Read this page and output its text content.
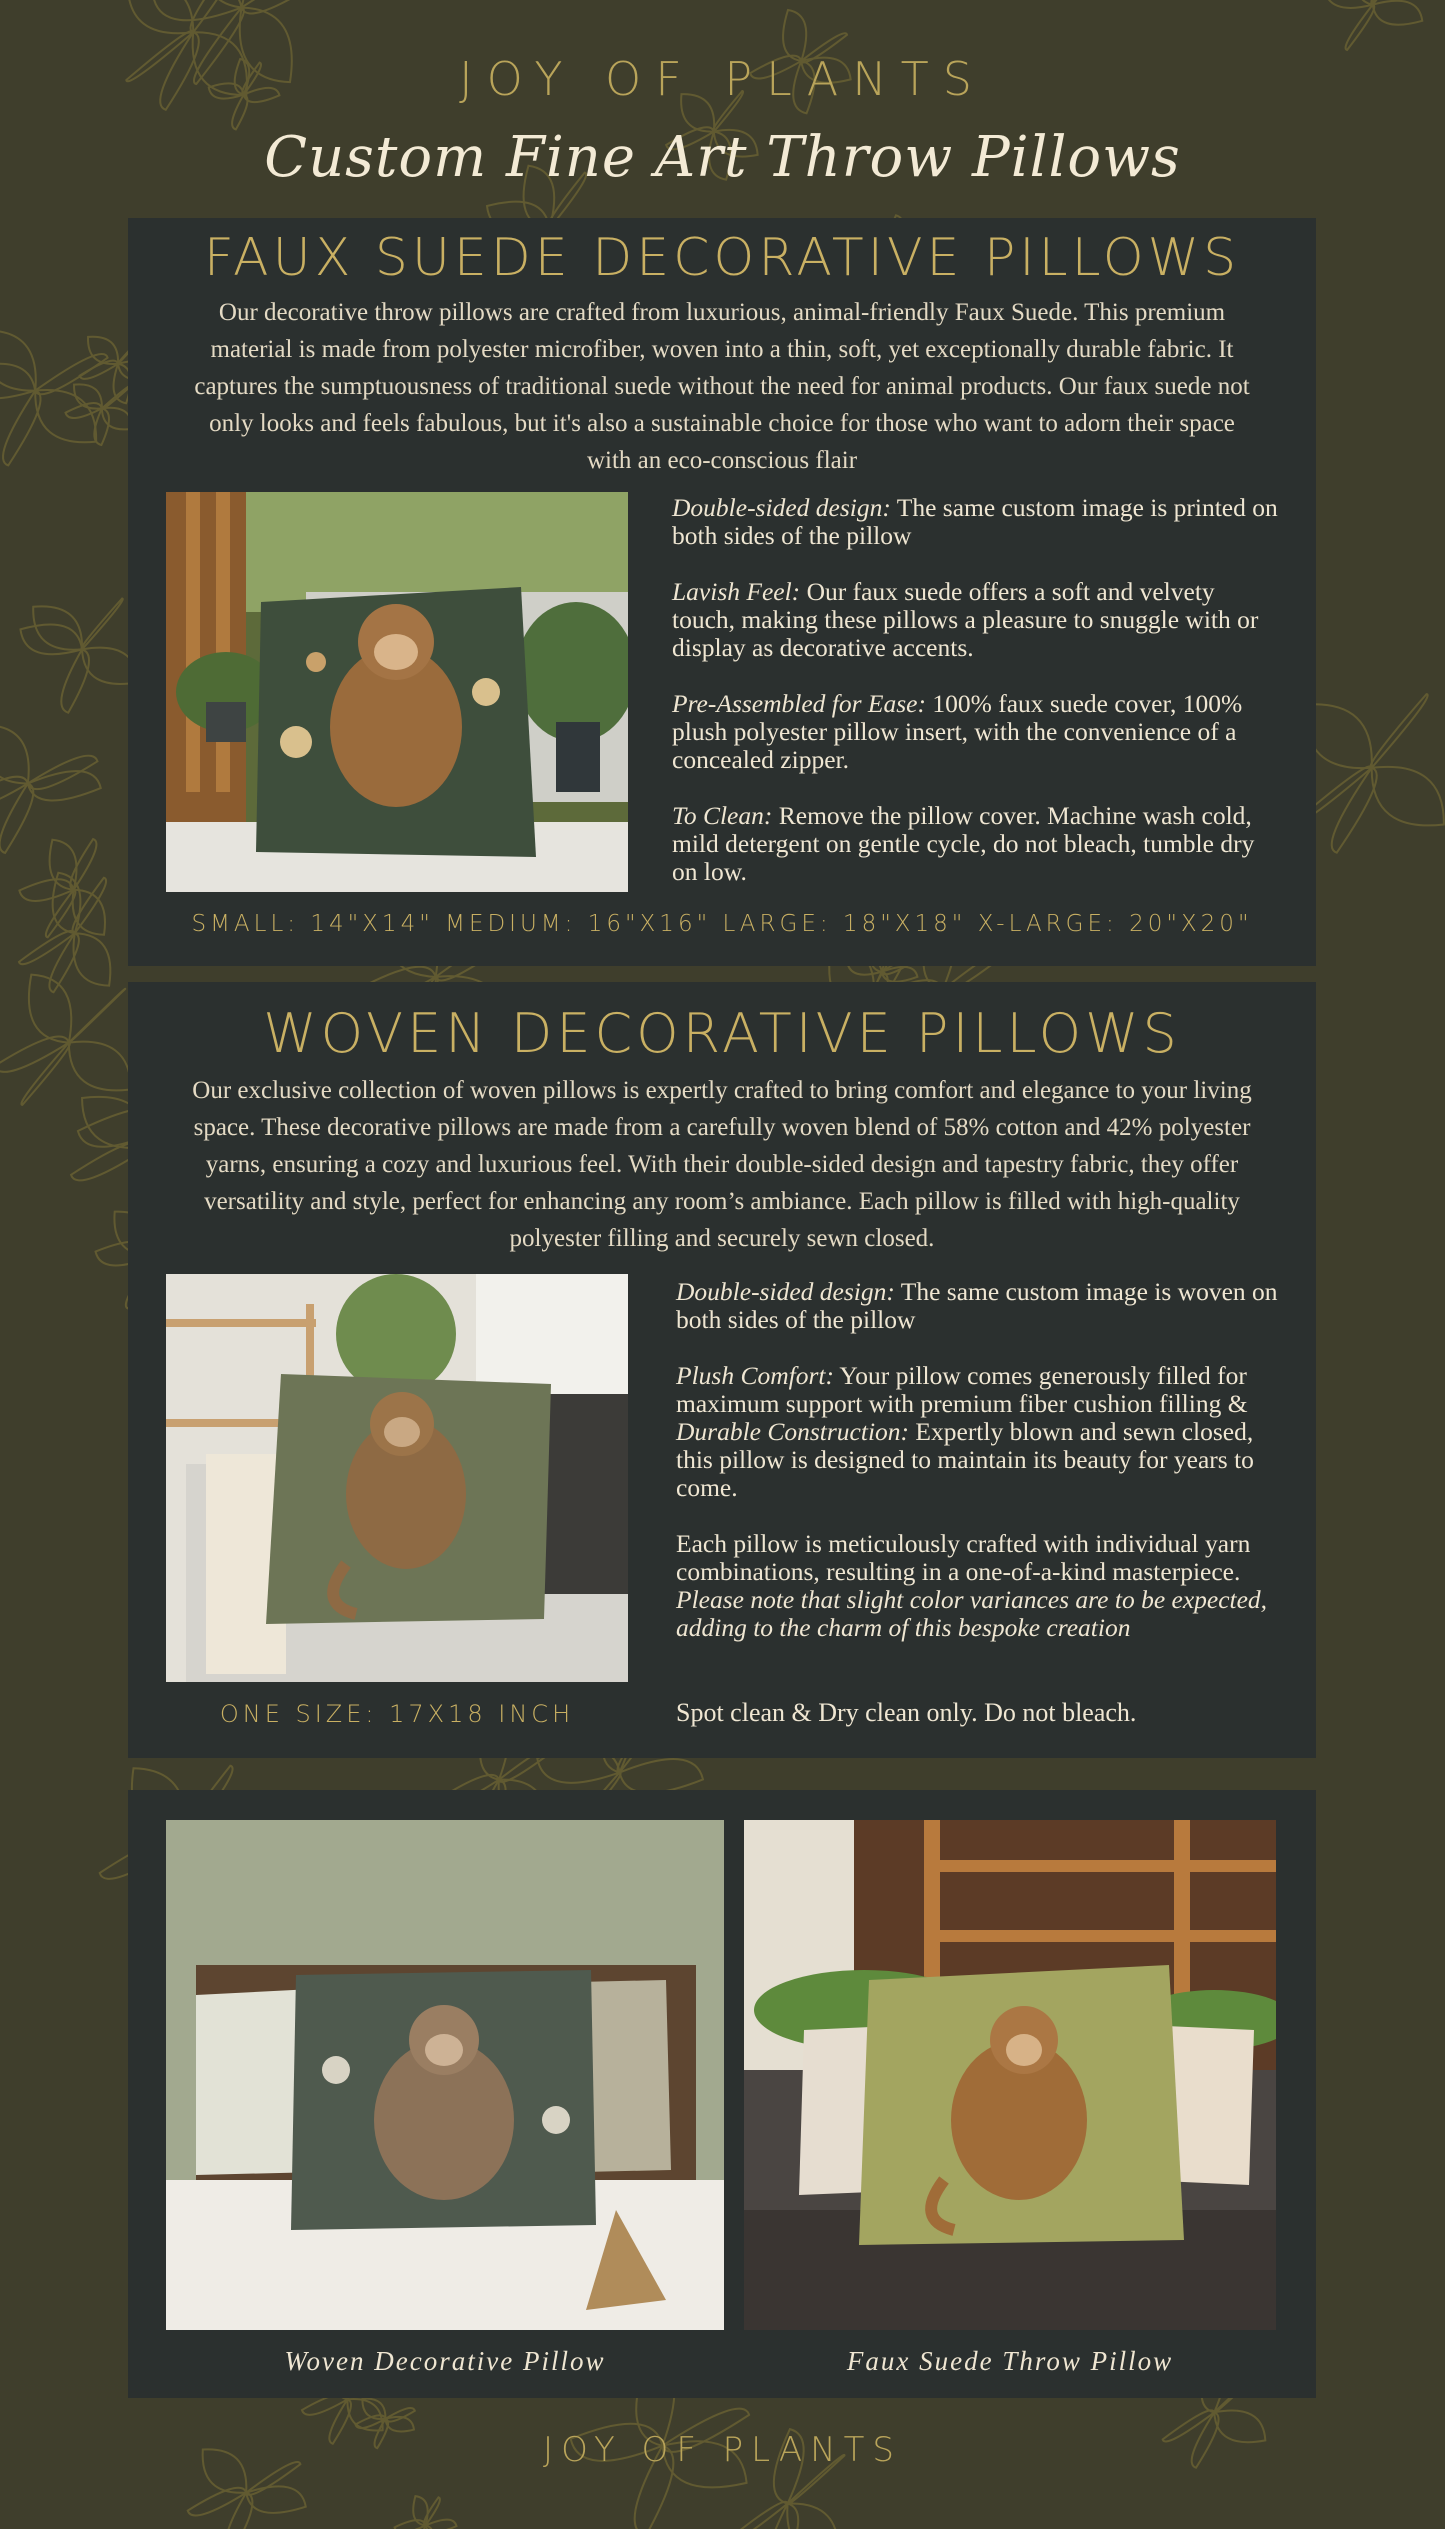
JOY OF PLANTS
Custom Fine Art Throw Pillows
FAUX SUEDE DECORATIVE PILLOWS
Our decorative throw pillows are crafted from luxurious, animal-friendly Faux Suede. This premium material is made from polyester microfiber, woven into a thin, soft, yet exceptionally durable fabric. It captures the sumptuousness of traditional suede without the need for animal products. Our faux suede not only looks and feels fabulous, but it's also a sustainable choice for those who want to adorn their space with an eco-conscious flair

Double-sided design: The same custom image is printed on both sides of the pillow

Lavish Feel: Our faux suede offers a soft and velvety touch, making these pillows a pleasure to snuggle with or display as decorative accents.

Pre-Assembled for Ease: 100% faux suede cover, 100% plush polyester pillow insert, with the convenience of a concealed zipper.

To Clean: Remove the pillow cover. Machine wash cold, mild detergent on gentle cycle, do not bleach, tumble dry on low.

SMALL: 14"X14" MEDIUM: 16"X16" LARGE: 18"X18" X-LARGE: 20"X20"
WOVEN DECORATIVE PILLOWS
Our exclusive collection of woven pillows is expertly crafted to bring comfort and elegance to your living space. These decorative pillows are made from a carefully woven blend of 58% cotton and 42% polyester yarns, ensuring a cozy and luxurious feel. With their double-sided design and tapestry fabric, they offer versatility and style, perfect for enhancing any room’s ambiance. Each pillow is filled with high-quality polyester filling and securely sewn closed.

Double-sided design: The same custom image is woven on both sides of the pillow

Plush Comfort: Your pillow comes generously filled for maximum support with premium fiber cushion filling & Durable Construction: Expertly blown and sewn closed, this pillow is designed to maintain its beauty for years to come.

Each pillow is meticulously crafted with individual yarn combinations, resulting in a one-of-a-kind masterpiece. Please note that slight color variances are to be expected, adding to the charm of this bespoke creation

ONE SIZE: 17X18 INCH	Spot clean & Dry clean only. Do not bleach.
Woven Decorative Pillow	Faux Suede Throw Pillow
JOY OF PLANTS
